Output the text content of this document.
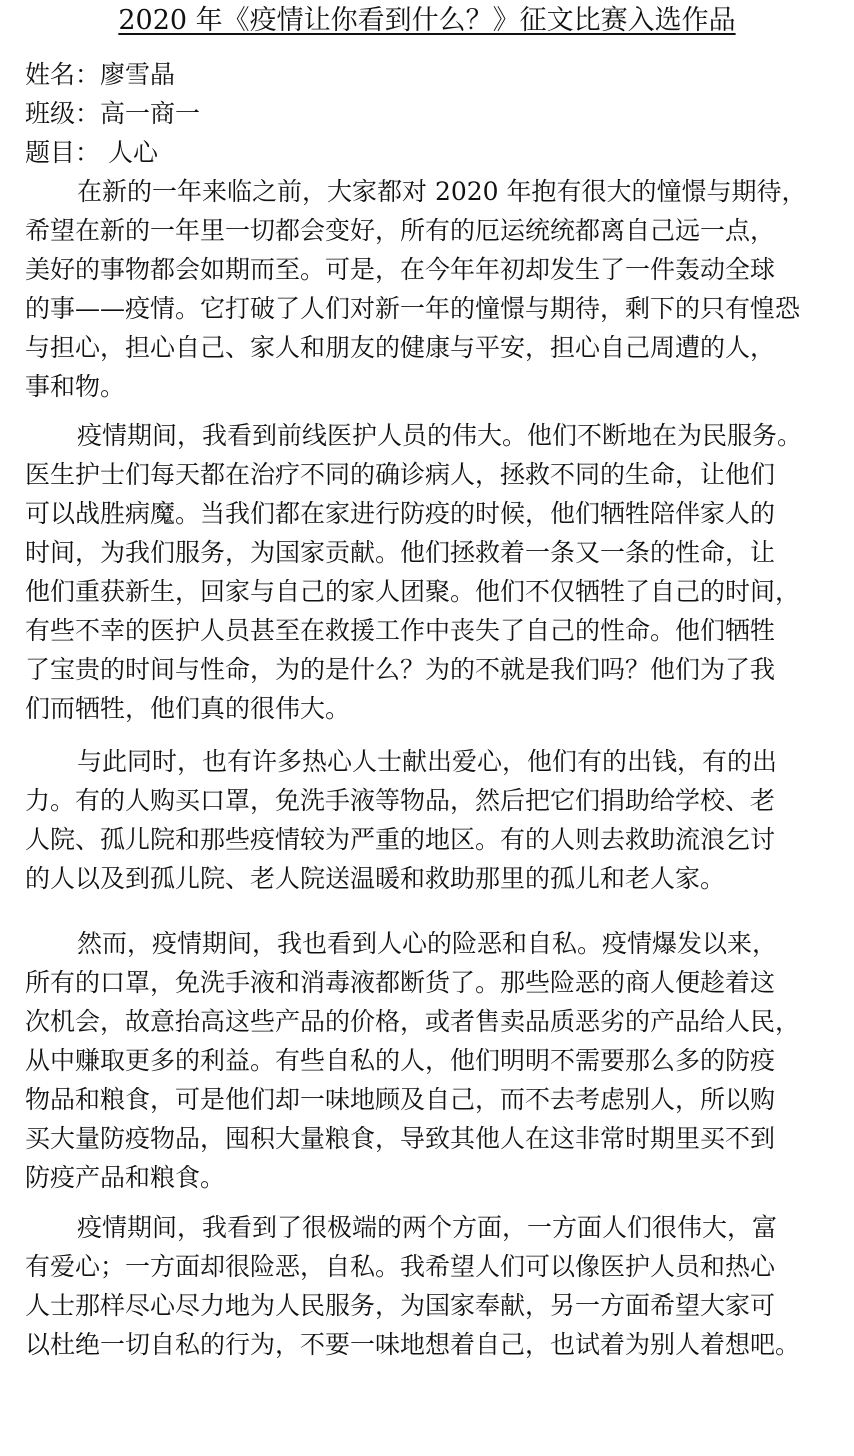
2020 年《疫情让你看到什么？》征文比赛入选作品
姓名：廖雪晶
班级：高一商一
题目： 人心
在新的一年来临之前，大家都对 2020 年抱有很大的憧憬与期待，
希望在新的一年里一切都会变好，所有的厄运统统都离自己远一点，
美好的事物都会如期而至。可是，在今年年初却发生了一件轰动全球
的事——疫情。它打破了人们对新一年的憧憬与期待，剩下的只有惶恐
与担心，担心自己、家人和朋友的健康与平安，担心自己周遭的人，
事和物。
疫情期间，我看到前线医护人员的伟大。他们不断地在为民服务。
医生护士们每天都在治疗不同的确诊病人，拯救不同的生命，让他们
可以战胜病魔。当我们都在家进行防疫的时候，他们牺牲陪伴家人的
时间，为我们服务，为国家贡献。他们拯救着一条又一条的性命，让
他们重获新生，回家与自己的家人团聚。他们不仅牺牲了自己的时间，
有些不幸的医护人员甚至在救援工作中丧失了自己的性命。他们牺牲
了宝贵的时间与性命，为的是什么？为的不就是我们吗？他们为了我
们而牺牲，他们真的很伟大。
与此同时，也有许多热心人士献出爱心，他们有的出钱，有的出
力。有的人购买口罩，免洗手液等物品，然后把它们捐助给学校、老
人院、孤儿院和那些疫情较为严重的地区。有的人则去救助流浪乞讨
的人以及到孤儿院、老人院送温暖和救助那里的孤儿和老人家。
然而，疫情期间，我也看到人心的险恶和自私。疫情爆发以来，
所有的口罩，免洗手液和消毒液都断货了。那些险恶的商人便趁着这
次机会，故意抬高这些产品的价格，或者售卖品质恶劣的产品给人民，
从中赚取更多的利益。有些自私的人，他们明明不需要那么多的防疫
物品和粮食，可是他们却一味地顾及自己，而不去考虑别人，所以购
买大量防疫物品，囤积大量粮食，导致其他人在这非常时期里买不到
防疫产品和粮食。
疫情期间，我看到了很极端的两个方面，一方面人们很伟大，富
有爱心；一方面却很险恶，自私。我希望人们可以像医护人员和热心
人士那样尽心尽力地为人民服务，为国家奉献，另一方面希望大家可
以杜绝一切自私的行为，不要一味地想着自己，也试着为别人着想吧。
